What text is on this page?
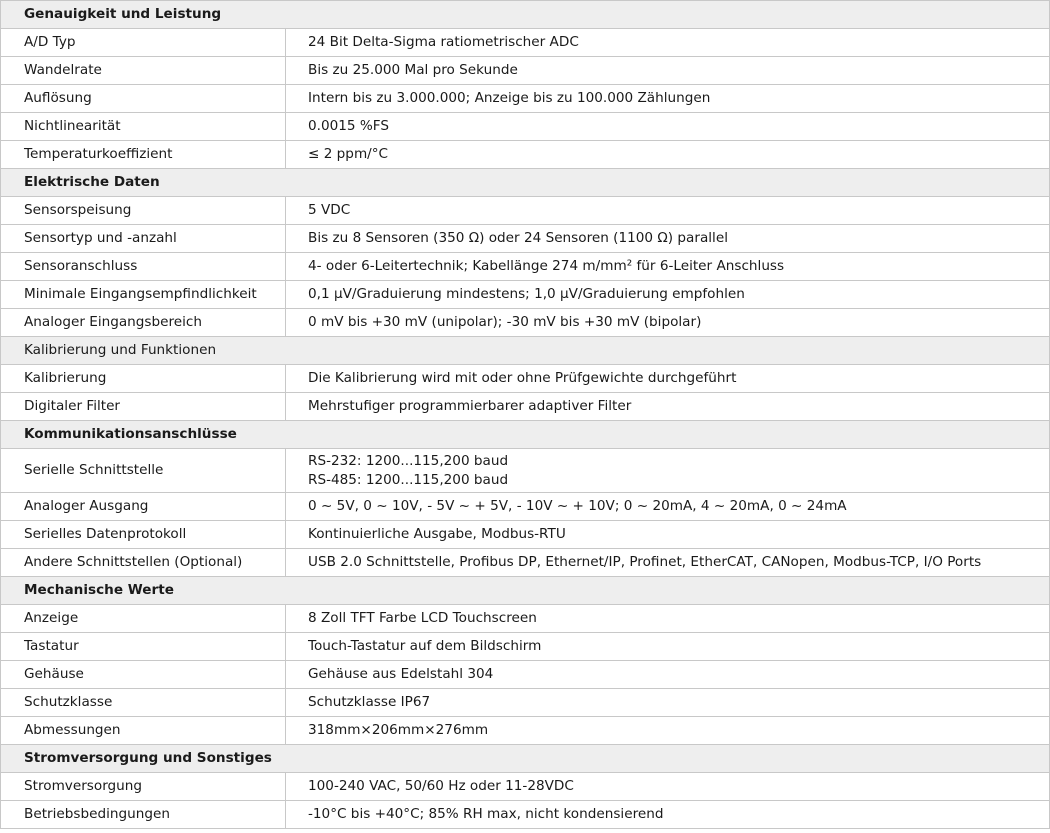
Genauigkeit und Leistung	
A/D Typ	24 Bit Delta-Sigma ratiometrischer ADC
Wandelrate	Bis zu 25.000 Mal pro Sekunde
Auflösung	Intern bis zu 3.000.000; Anzeige bis zu 100.000 Zählungen
Nichtlinearität	0.0015 %FS
Temperaturkoeffizient	≤ 2 ppm/°C
Elektrische Daten	
Sensorspeisung	5 VDC
Sensortyp und -anzahl	Bis zu 8 Sensoren (350 Ω) oder 24 Sensoren (1100 Ω) parallel
Sensoranschluss	4- oder 6-Leitertechnik; Kabellänge 274 m/mm² für 6-Leiter Anschluss
Minimale Eingangsempfindlichkeit	0,1 μV/Graduierung mindestens; 1,0 μV/Graduierung empfohlen
Analoger Eingangsbereich	0 mV bis +30 mV (unipolar); -30 mV bis +30 mV (bipolar)
Kalibrierung und Funktionen	
Kalibrierung	Die Kalibrierung wird mit oder ohne Prüfgewichte durchgeführt
Digitaler Filter	Mehrstufiger programmierbarer adaptiver Filter
Kommunikationsanschlüsse	
Serielle Schnittstelle	RS-232: 1200...115,200 baud
RS-485: 1200...115,200 baud

Analoger Ausgang	0 ~ 5V, 0 ~ 10V, - 5V ~ + 5V, - 10V ~ + 10V; 0 ~ 20mA, 4 ~ 20mA, 0 ~ 24mA
Serielles Datenprotokoll	Kontinuierliche Ausgabe, Modbus-RTU
Andere Schnittstellen (Optional)	USB 2.0 Schnittstelle, Profibus DP, Ethernet/IP, Profinet, EtherCAT, CANopen, Modbus-TCP, I/O Ports
Mechanische Werte	
Anzeige	8 Zoll TFT Farbe LCD Touchscreen
Tastatur	Touch-Tastatur auf dem Bildschirm
Gehäuse	Gehäuse aus Edelstahl 304
Schutzklasse	Schutzklasse IP67
Abmessungen	318mm×206mm×276mm
Stromversorgung und Sonstiges	
Stromversorgung	100-240 VAC, 50/60 Hz oder 11-28VDC
Betriebsbedingungen	-10°C bis +40°C; 85% RH max, nicht kondensierend
